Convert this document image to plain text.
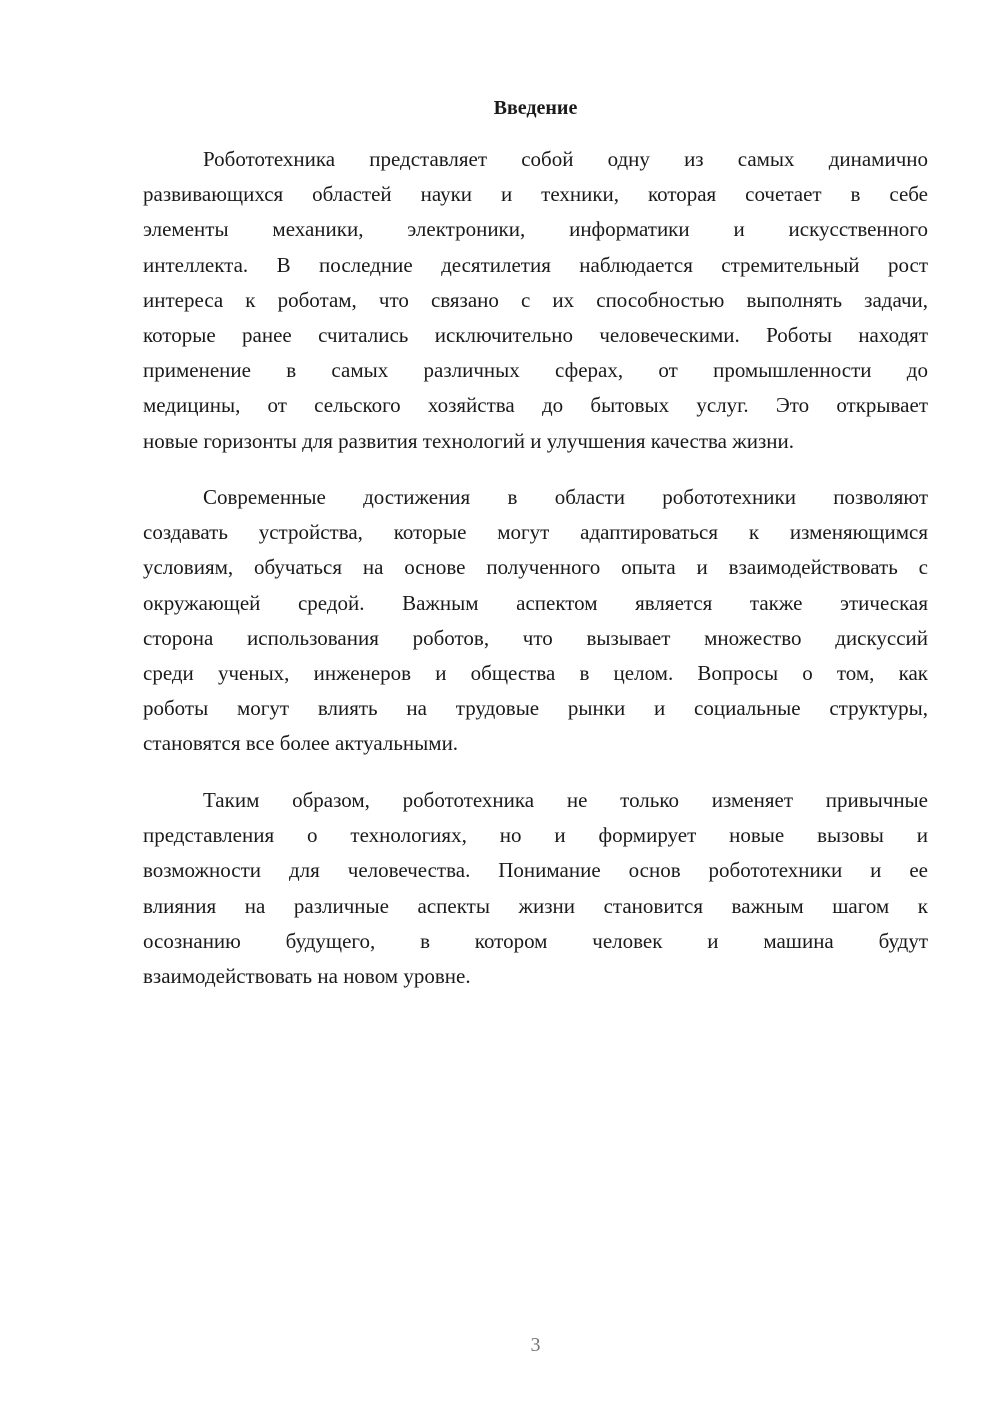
Введение
Робототехника представляет собой одну из самых динамично
развивающихся областей науки и техники, которая сочетает в себе
элементы механики, электроники, информатики и искусственного
интеллекта. В последние десятилетия наблюдается стремительный рост
интереса к роботам, что связано с их способностью выполнять задачи,
которые ранее считались исключительно человеческими. Роботы находят
применение в самых различных сферах, от промышленности до
медицины, от сельского хозяйства до бытовых услуг. Это открывает
новые горизонты для развития технологий и улучшения качества жизни.
Современные достижения в области робототехники позволяют
создавать устройства, которые могут адаптироваться к изменяющимся
условиям, обучаться на основе полученного опыта и взаимодействовать с
окружающей средой. Важным аспектом является также этическая
сторона использования роботов, что вызывает множество дискуссий
среди ученых, инженеров и общества в целом. Вопросы о том, как
роботы могут влиять на трудовые рынки и социальные структуры,
становятся все более актуальными.
Таким образом, робототехника не только изменяет привычные
представления о технологиях, но и формирует новые вызовы и
возможности для человечества. Понимание основ робототехники и ее
влияния на различные аспекты жизни становится важным шагом к
осознанию будущего, в котором человек и машина будут
взаимодействовать на новом уровне.
3
